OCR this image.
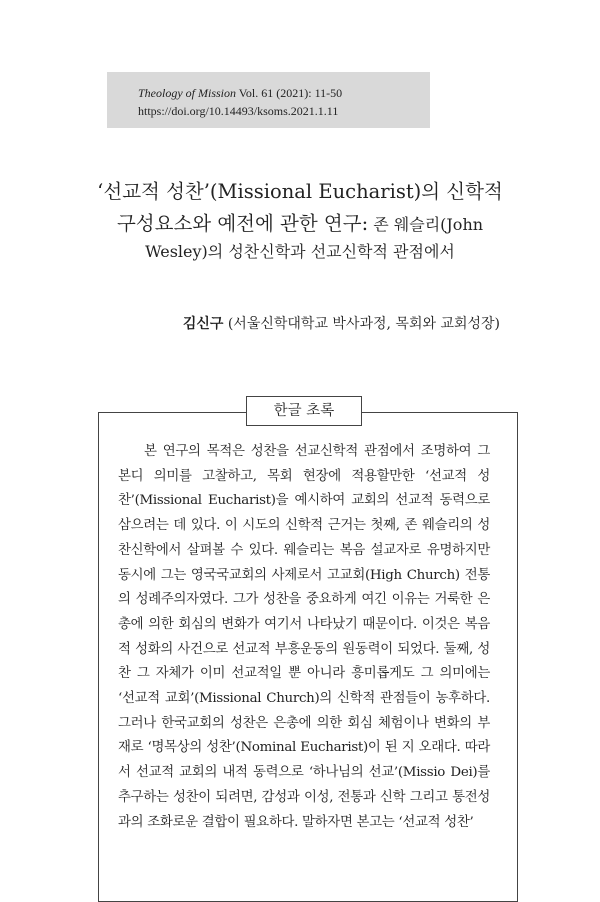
Theology of Mission Vol. 61 (2021): 11-50
https://doi.org/10.14493/ksoms.2021.1.11
‘선교적 성찬’(Missional Eucharist)의 신학적
구성요소와 예전에 관한 연구: 존 웨슬리(John
Wesley)의 성찬신학과 선교신학적 관점에서
김신구 (서울신학대학교 박사과정, 목회와 교회성장)
한글 초록
본 연구의 목적은 성찬을 선교신학적 관점에서 조명하여 그 본디 의미를 고찰하고, 목회 현장에 적용할만한 ‘선교적 성찬’(Missional Eucharist)을 예시하여 교회의 선교적 동력으로 삼으려는 데 있다. 이 시도의 신학적 근거는 첫째, 존 웨슬리의 성찬신학에서 살펴볼 수 있다. 웨슬리는 복음 설교자로 유명하지만 동시에 그는 영국국교회의 사제로서 고교회(High Church) 전통의 성례주의자였다. 그가 성찬을 중요하게 여긴 이유는 거룩한 은총에 의한 회심의 변화가 여기서 나타났기 때문이다. 이것은 복음적 성화의 사건으로 선교적 부흥운동의 원동력이 되었다. 둘째, 성찬 그 자체가 이미 선교적일 뿐 아니라 흥미롭게도 그 의미에는 ‘선교적 교회’(Missional Church)의 신학적 관점들이 농후하다. 그러나 한국교회의 성찬은 은총에 의한 회심 체험이나 변화의 부재로 ‘명목상의 성찬’(Nominal Eucharist)이 된 지 오래다. 따라서 선교적 교회의 내적 동력으로 ‘하나님의 선교’(Missio Dei)를 추구하는 성찬이 되려면, 감성과 이성, 전통과 신학 그리고 통전성과의 조화로운 결합이 필요하다. 말하자면 본고는 ‘선교적 성찬’
